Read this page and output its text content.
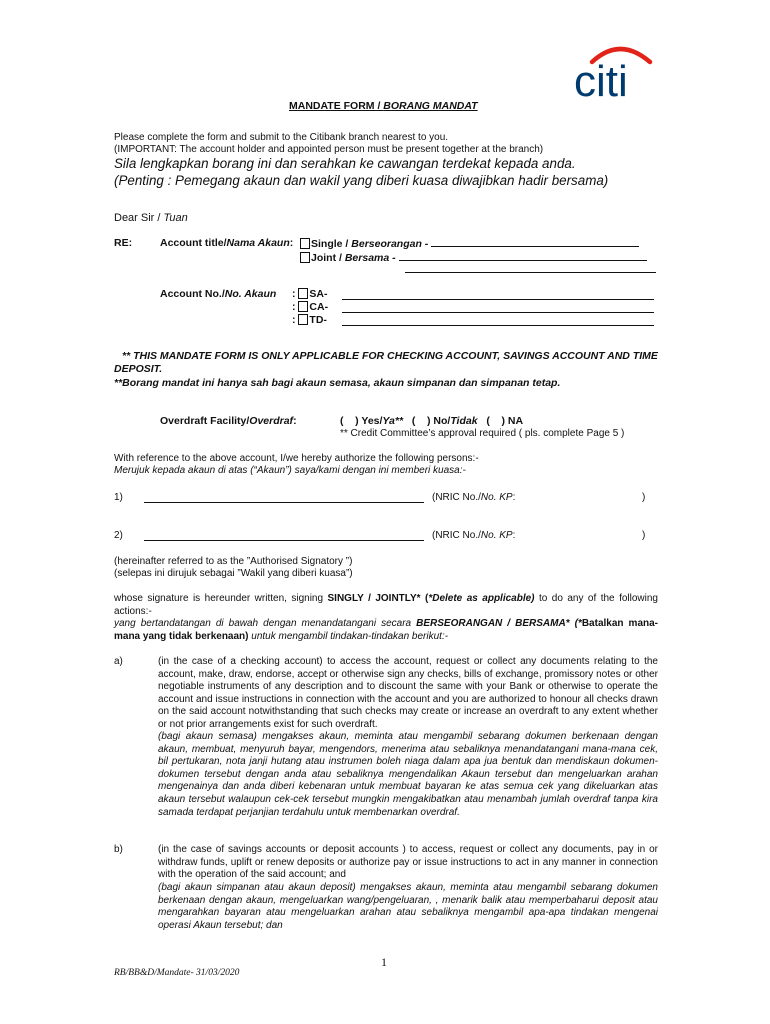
citi
MANDATE FORM / BORANG MANDAT
Please complete the form and submit to the Citibank branch nearest to you.
(IMPORTANT: The account holder and appointed person must be present together at the branch)
Sila lengkapkan borang ini dan serahkan ke cawangan terdekat kepada anda.
(Penting : Pemegang akaun dan wakil yang diberi kuasa diwajibkan hadir bersama)
Dear Sir / Tuan
RE:	Account title/Nama Akaun:	Single / Berseorangan -
Joint / Bersama -
Account No./No. Akaun : SA-
: CA-
: TD-
** THIS MANDATE FORM IS ONLY APPLICABLE FOR CHECKING ACCOUNT, SAVINGS ACCOUNT AND TIME DEPOSIT.
**Borang mandat ini hanya sah bagi akaun semasa, akaun simpanan dan simpanan tetap.
Overdraft Facility/Overdraf:	(    ) Yes/Ya** (    ) No/Tidak (    ) NA
** Credit Committee’s approval required ( pls. complete Page 5 )
With reference to the above account, I/we hereby authorize the following persons:-
Merujuk kepada akaun di atas (“Akaun”) saya/kami dengan ini memberi kuasa:-
1)	(NRIC No./No. KP:	)
2)	(NRIC No./No. KP:	)
(hereinafter referred to as the ”Authorised Signatory ”)
(selepas ini dirujuk sebagai ”Wakil yang diberi kuasa”)
whose signature is hereunder written, signing SINGLY / JOINTLY* (*Delete as applicable) to do any of the following actions:-
yang bertandatangan di bawah dengan menandatangani secara BERSEORANGAN / BERSAMA* (*Batalkan mana-mana yang tidak berkenaan) untuk mengambil tindakan-tindakan berikut:-
a)	(in the case of a checking account) to access the account, request or collect any documents relating to the account, make, draw, endorse, accept or otherwise sign any checks, bills of exchange, promissory notes or other negotiable instruments of any description and to discount the same with your Bank or otherwise to operate the account and issue instructions in connection with the account and you are authorized to honour all checks drawn on the said account notwithstanding that such checks may create or increase an overdraft to any extent whether or not prior arrangements exist for such overdraft.
(bagi akaun semasa) mengakses akaun, meminta atau mengambil sebarang dokumen berkenaan dengan akaun, membuat, menyuruh bayar, mengendors, menerima atau sebaliknya menandatangani mana-mana cek, bil pertukaran, nota janji hutang atau instrumen boleh niaga dalam apa jua bentuk dan mendiskaun dokumen-dokumen tersebut dengan anda atau sebaliknya mengendalikan Akaun tersebut dan mengeluarkan arahan mengenainya dan anda diberi kebenaran untuk membuat bayaran ke atas semua cek yang dikeluarkan atas akaun tersebut walaupun cek-cek tersebut mungkin mengakibatkan atau menambah jumlah overdraf tanpa kira samada terdapat perjanjian terdahulu untuk membenarkan overdraf.
b)	(in the case of savings accounts or deposit accounts ) to access, request or collect any documents, pay in or withdraw funds, uplift or renew deposits or authorize pay or issue instructions to act in any manner in connection with the operation of the said account; and
(bagi akaun simpanan atau akaun deposit) mengakses akaun, meminta atau mengambil sebarang dokumen berkenaan dengan akaun, mengeluarkan wang/pengeluaran, , menarik balik atau memperbaharui deposit atau mengarahkan bayaran atau mengeluarkan arahan atau sebaliknya mengambil apa-apa tindakan mengenai operasi Akaun tersebut; dan
1
RB/BB&D/Mandate- 31/03/2020
